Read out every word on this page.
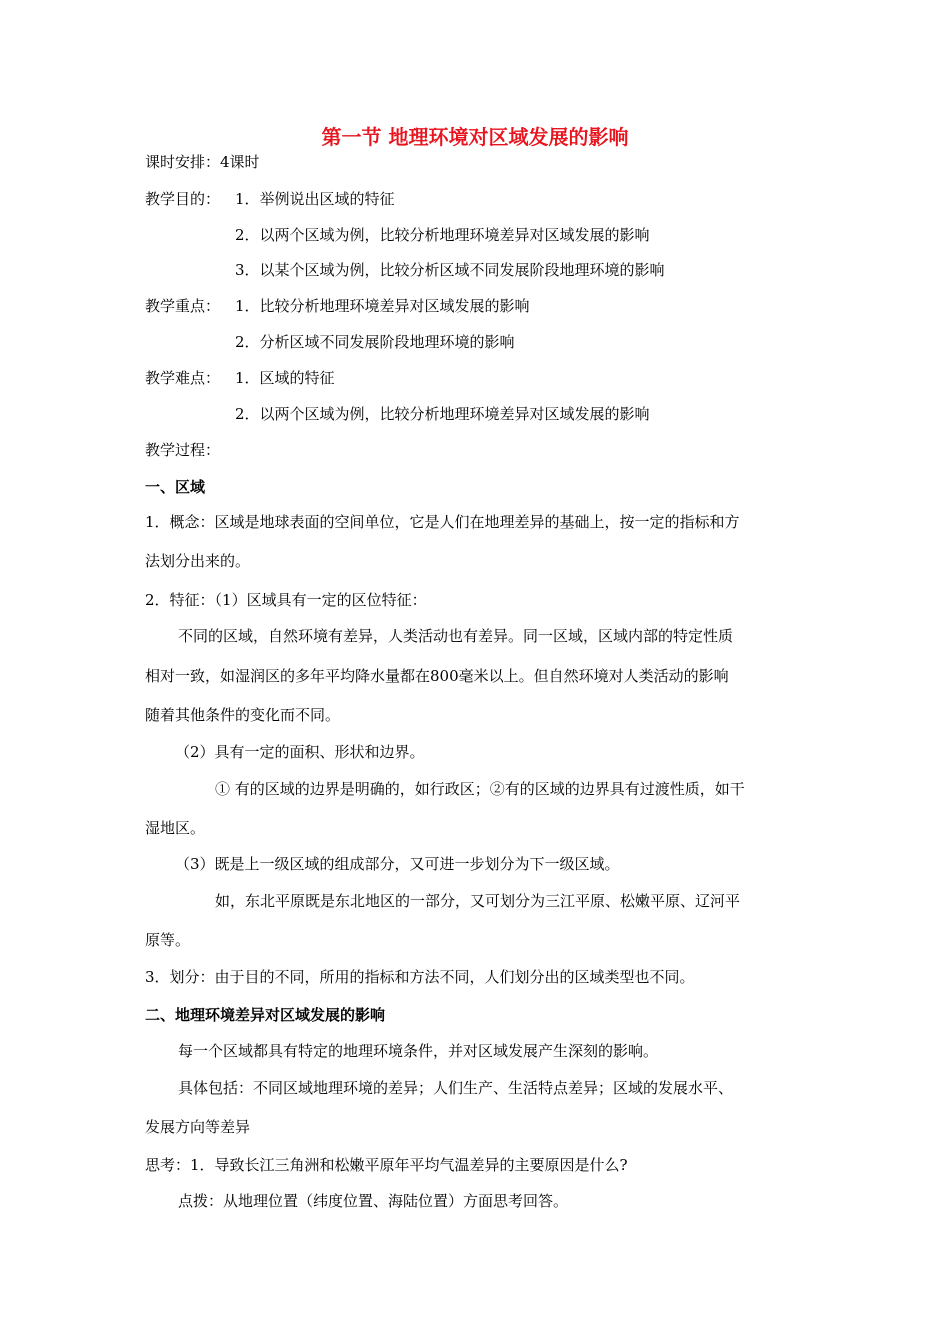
第一节 地理环境对区域发展的影响
课时安排：4课时
教学目的： 1．举例说出区域的特征
2．以两个区域为例，比较分析地理环境差异对区域发展的影响
3．以某个区域为例，比较分析区域不同发展阶段地理环境的影响
教学重点： 1．比较分析地理环境差异对区域发展的影响
2．分析区域不同发展阶段地理环境的影响
教学难点： 1．区域的特征
2．以两个区域为例，比较分析地理环境差异对区域发展的影响
教学过程：
一、区域
1．概念：区域是地球表面的空间单位，它是人们在地理差异的基础上，按一定的指标和方
法划分出来的。
2．特征：（1）区域具有一定的区位特征：
不同的区域，自然环境有差异，人类活动也有差异。同一区域，区域内部的特定性质
相对一致，如湿润区的多年平均降水量都在800毫米以上。但自然环境对人类活动的影响
随着其他条件的变化而不同。
（2）具有一定的面积、形状和边界。
① 有的区域的边界是明确的，如行政区；②有的区域的边界具有过渡性质，如干
湿地区。
（3）既是上一级区域的组成部分，又可进一步划分为下一级区域。
如，东北平原既是东北地区的一部分，又可划分为三江平原、松嫩平原、辽河平
原等。
3．划分：由于目的不同，所用的指标和方法不同，人们划分出的区域类型也不同。
二、地理环境差异对区域发展的影响
每一个区域都具有特定的地理环境条件，并对区域发展产生深刻的影响。
具体包括：不同区域地理环境的差异；人们生产、生活特点差异；区域的发展水平、
发展方向等差异
思考：1．导致长江三角洲和松嫩平原年平均气温差异的主要原因是什么?
点拨：从地理位置（纬度位置、海陆位置）方面思考回答。
